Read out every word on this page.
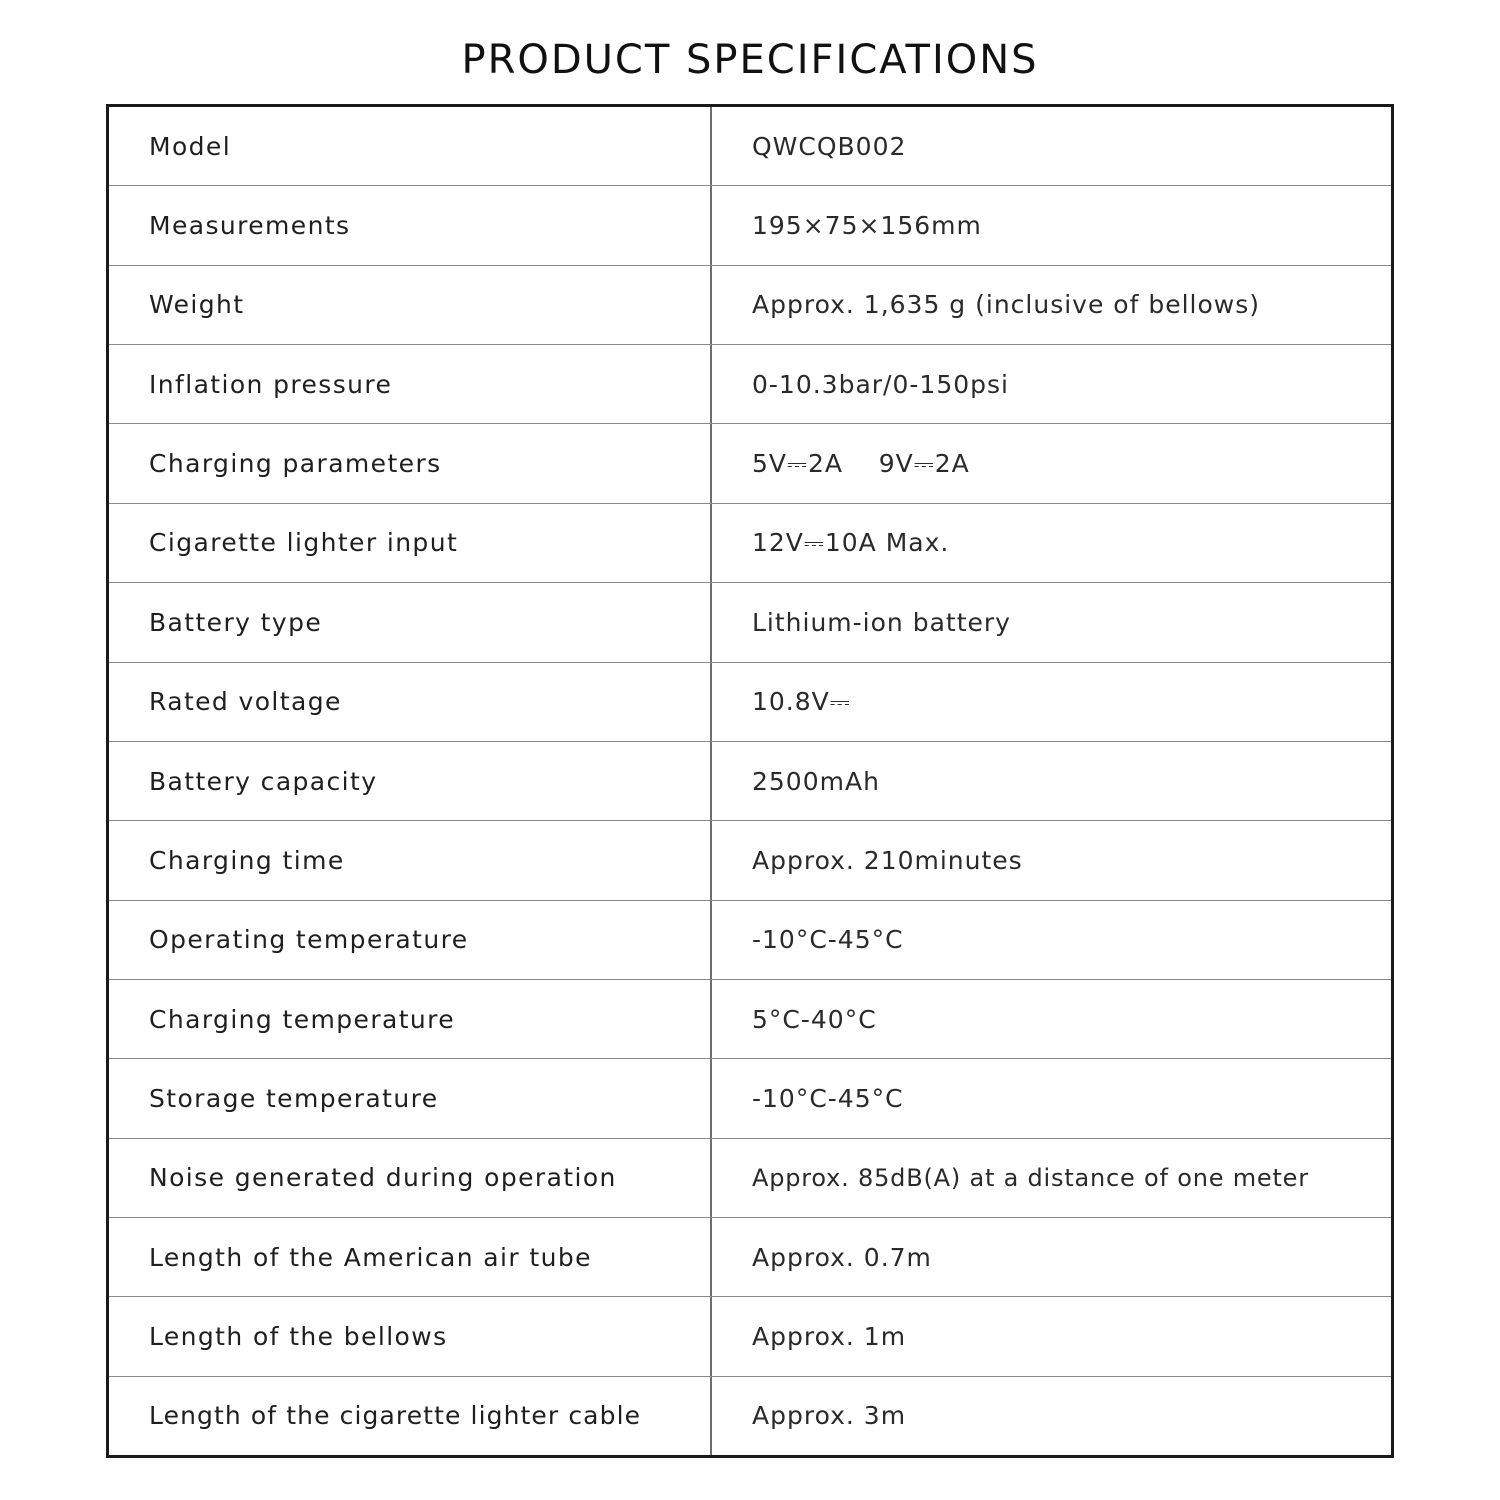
PRODUCT SPECIFICATIONS
Model	QWCQB002
Measurements	195×75×156mm
Weight	Approx. 1,635 g (inclusive of bellows)
Inflation pressure	0-10.3bar/0-150psi
Charging parameters	5V⎓2A    9V⎓2A
Cigarette lighter input	12V⎓10A Max.
Battery type	Lithium-ion battery
Rated voltage	10.8V⎓
Battery capacity	2500mAh
Charging time	Approx. 210minutes
Operating temperature	-10°C-45°C
Charging temperature	5°C-40°C
Storage temperature	-10°C-45°C
Noise generated during operation	Approx. 85dB(A) at a distance of one meter
Length of the American air tube	Approx. 0.7m
Length of the bellows	Approx. 1m
Length of the cigarette lighter cable	Approx. 3m
